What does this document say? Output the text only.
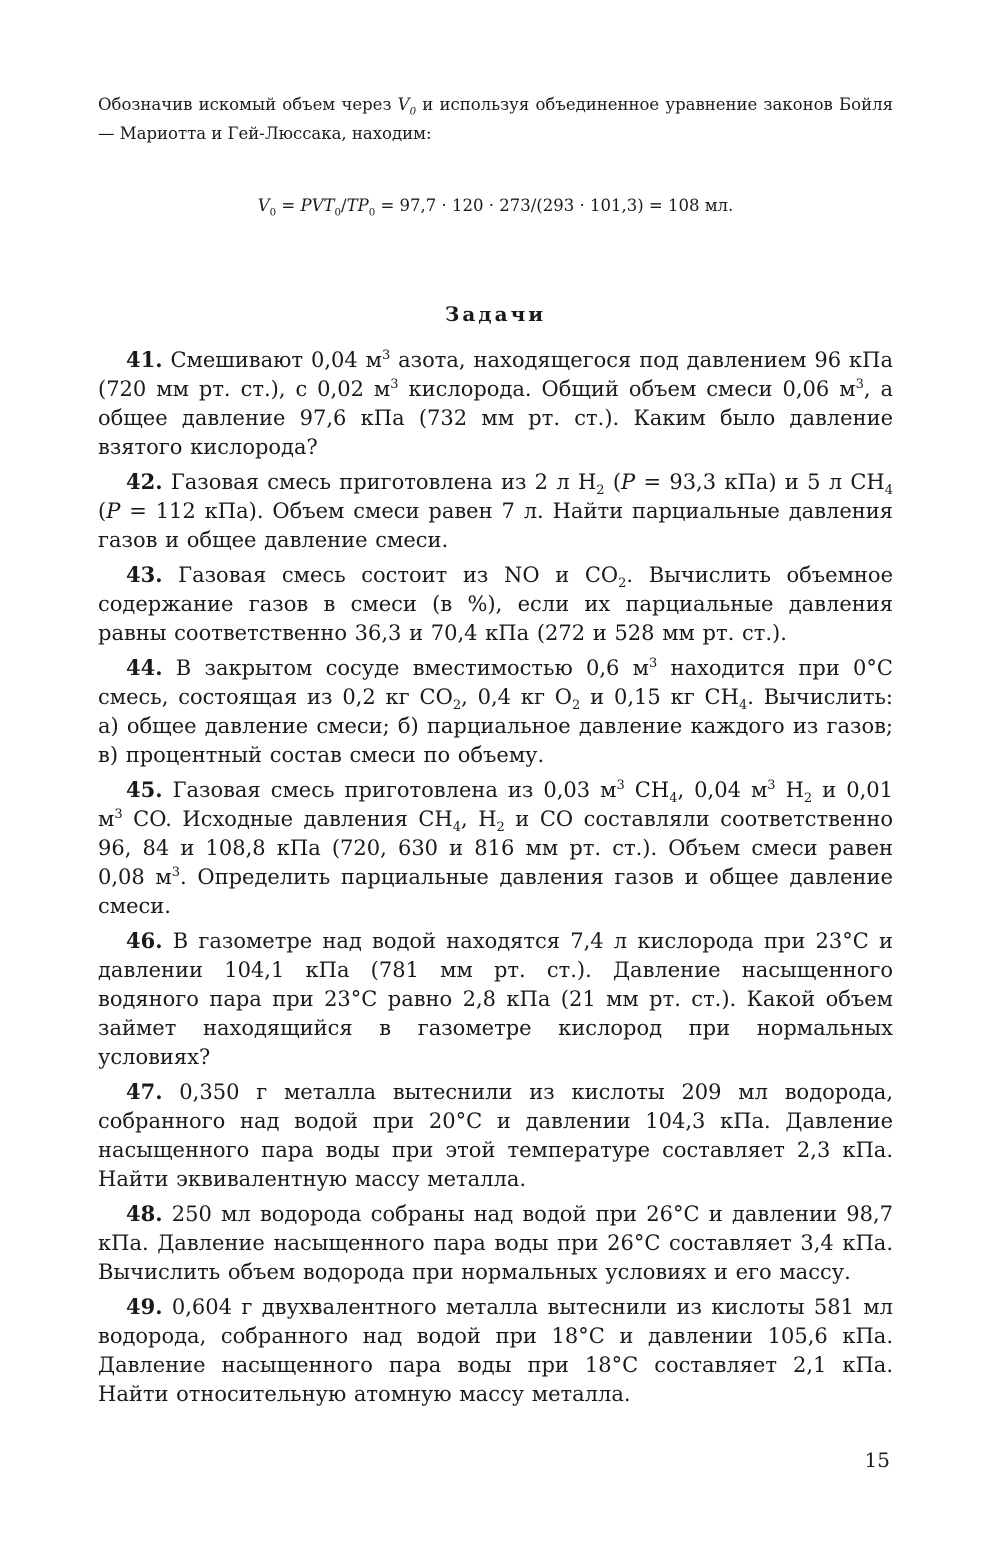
Обозначив искомый объем через $V_0$ и используя объединенное уравнение законов Бойля — Мариотта и Гей-Люссака, находим:

$V_0 = PVT_0/TP_0 = 97,7 \cdot 120 \cdot 273/(293 \cdot 101,3) = 108$ мл.

Задачи

41. Смешивают 0,04 $м^3$ азота, находящегося под давлением 96 кПа (720 мм рт. ст.), с 0,02 $м^3$ кислорода. Общий объем смеси 0,06 $м^3$, а общее давление 97,6 кПа (732 мм рт. ст.). Каким было давление взятого кислорода?

42. Газовая смесь приготовлена из 2 л $H_2$ (P = 93,3 кПа) и 5 л $CH_4$ (P = 112 кПа). Объем смеси равен 7 л. Найти парциальные давления газов и общее давление смеси.

43. Газовая смесь состоит из NO и $CO_2$. Вычислить объемное содержание газов в смеси (в %), если их парциальные давления равны соответственно 36,3 и 70,4 кПа (272 и 528 мм рт. ст.).

44. В закрытом сосуде вместимостью 0,6 $м^3$ находится при 0°C смесь, состоящая из 0,2 кг $CO_2$, 0,4 кг $O_2$ и 0,15 кг $CH_4$. Вычислить: а) общее давление смеси; б) парциальное давление каждого из газов; в) процентный состав смеси по объему.

45. Газовая смесь приготовлена из 0,03 $м^3$ $CH_4$, 0,04 $м^3$ $H_2$ и 0,01 $м^3$ CO. Исходные давления $CH_4$, $H_2$ и CO составляли соответственно 96, 84 и 108,8 кПа (720, 630 и 816 мм рт. ст.). Объем смеси равен 0,08 $м^3$. Определить парциальные давления газов и общее давление смеси.

46. В газометре над водой находятся 7,4 л кислорода при 23°C и давлении 104,1 кПа (781 мм рт. ст.). Давление насыщенного водяного пара при 23°C равно 2,8 кПа (21 мм рт. ст.). Какой объем займет находящийся в газометре кислород при нормальных условиях?

47. 0,350 г металла вытеснили из кислоты 209 мл водорода, собранного над водой при 20°C и давлении 104,3 кПа. Давление насыщенного пара воды при этой температуре составляет 2,3 кПа. Найти эквивалентную массу металла.

48. 250 мл водорода собраны над водой при 26°C и давлении 98,7 кПа. Давление насыщенного пара воды при 26°C составляет 3,4 кПа. Вычислить объем водорода при нормальных условиях и его массу.

49. 0,604 г двухвалентного металла вытеснили из кислоты 581 мл водорода, собранного над водой при 18°C и давлении 105,6 кПа. Давление насыщенного пара воды при 18°C составляет 2,1 кПа. Найти относительную атомную массу металла.

15
